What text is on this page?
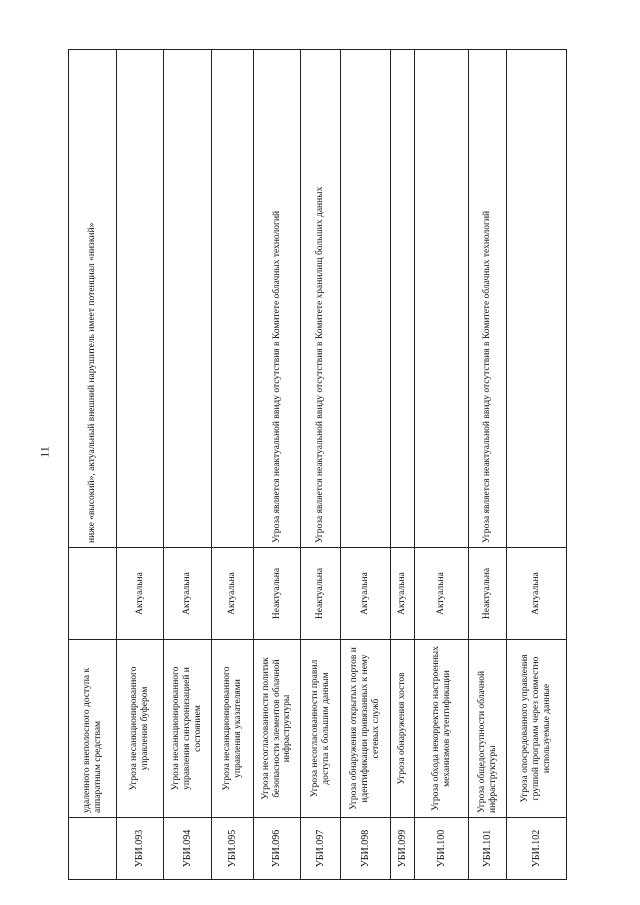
11
	удаленного внеполосного доступа к аппаратным средствам		ниже «высокий», актуальный внешний нарушитель имеет потенциал «низкий»
УБИ.093	Угроза несанкционированного управления буфером	Актуальна	
УБИ.094	Угроза несанкционированного управления синхронизацией и состоянием	Актуальна	
УБИ.095	Угроза несанкционированного управления указателями	Актуальна	
УБИ.096	Угроза несогласованности политик безопасности элементов облачной инфраструктуры	Неактуальна	Угроза является неактуальной ввиду отсутствия в Комитете облачных технологий
УБИ.097	Угроза несогласованности правил доступа к большим данным	Неактуальна	Угроза является неактуальной ввиду отсутствия в Комитете хранилищ больших данных
УБИ.098	Угроза обнаружения открытых портов и идентификации привязанных к нему сетевых служб	Актуальна	
УБИ.099	Угроза обнаружения хостов	Актуальна	
УБИ.100	Угроза обхода некорректно настроенных механизмов аутентификации	Актуальна	
УБИ.101	Угроза общедоступности облачной инфраструктуры	Неактуальна	Угроза является неактуальной ввиду отсутствия в Комитете облачных технологий
УБИ.102	Угроза опосредованного управления группой программ через совместно используемые данные	Актуальна	
